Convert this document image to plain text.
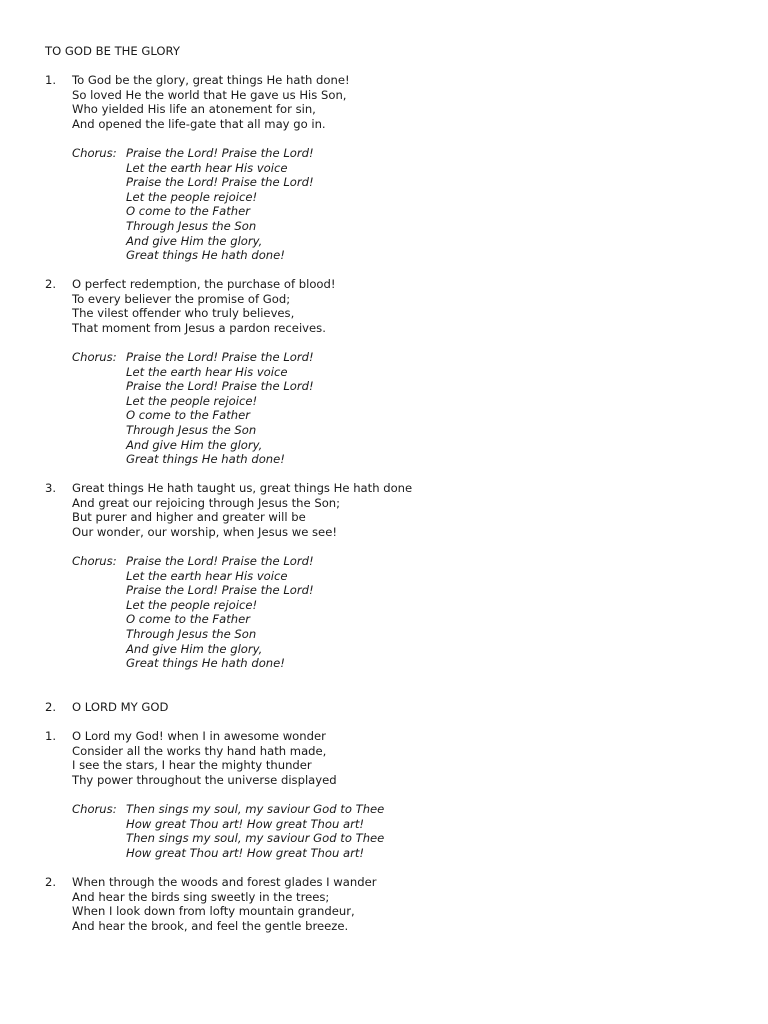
TO GOD BE THE GLORY
1. To God be the glory, great things He hath done!
So loved He the world that He gave us His Son,
Who yielded His life an atonement for sin,
And opened the life-gate that all may go in.
Chorus: Praise the Lord! Praise the Lord!
Let the earth hear His voice
Praise the Lord! Praise the Lord!
Let the people rejoice!
O come to the Father
Through Jesus the Son
And give Him the glory,
Great things He hath done!
2. O perfect redemption, the purchase of blood!
To every believer the promise of God;
The vilest offender who truly believes,
That moment from Jesus a pardon receives.
Chorus: Praise the Lord! Praise the Lord!
Let the earth hear His voice
Praise the Lord! Praise the Lord!
Let the people rejoice!
O come to the Father
Through Jesus the Son
And give Him the glory,
Great things He hath done!
3. Great things He hath taught us, great things He hath done
And great our rejoicing through Jesus the Son;
But purer and higher and greater will be
Our wonder, our worship, when Jesus we see!
Chorus: Praise the Lord! Praise the Lord!
Let the earth hear His voice
Praise the Lord! Praise the Lord!
Let the people rejoice!
O come to the Father
Through Jesus the Son
And give Him the glory,
Great things He hath done!
2. O LORD MY GOD
1. O Lord my God! when I in awesome wonder
Consider all the works thy hand hath made,
I see the stars, I hear the mighty thunder
Thy power throughout the universe displayed
Chorus: Then sings my soul, my saviour God to Thee
How great Thou art! How great Thou art!
Then sings my soul, my saviour God to Thee
How great Thou art! How great Thou art!
2. When through the woods and forest glades I wander
And hear the birds sing sweetly in the trees;
When I look down from lofty mountain grandeur,
And hear the brook, and feel the gentle breeze.
